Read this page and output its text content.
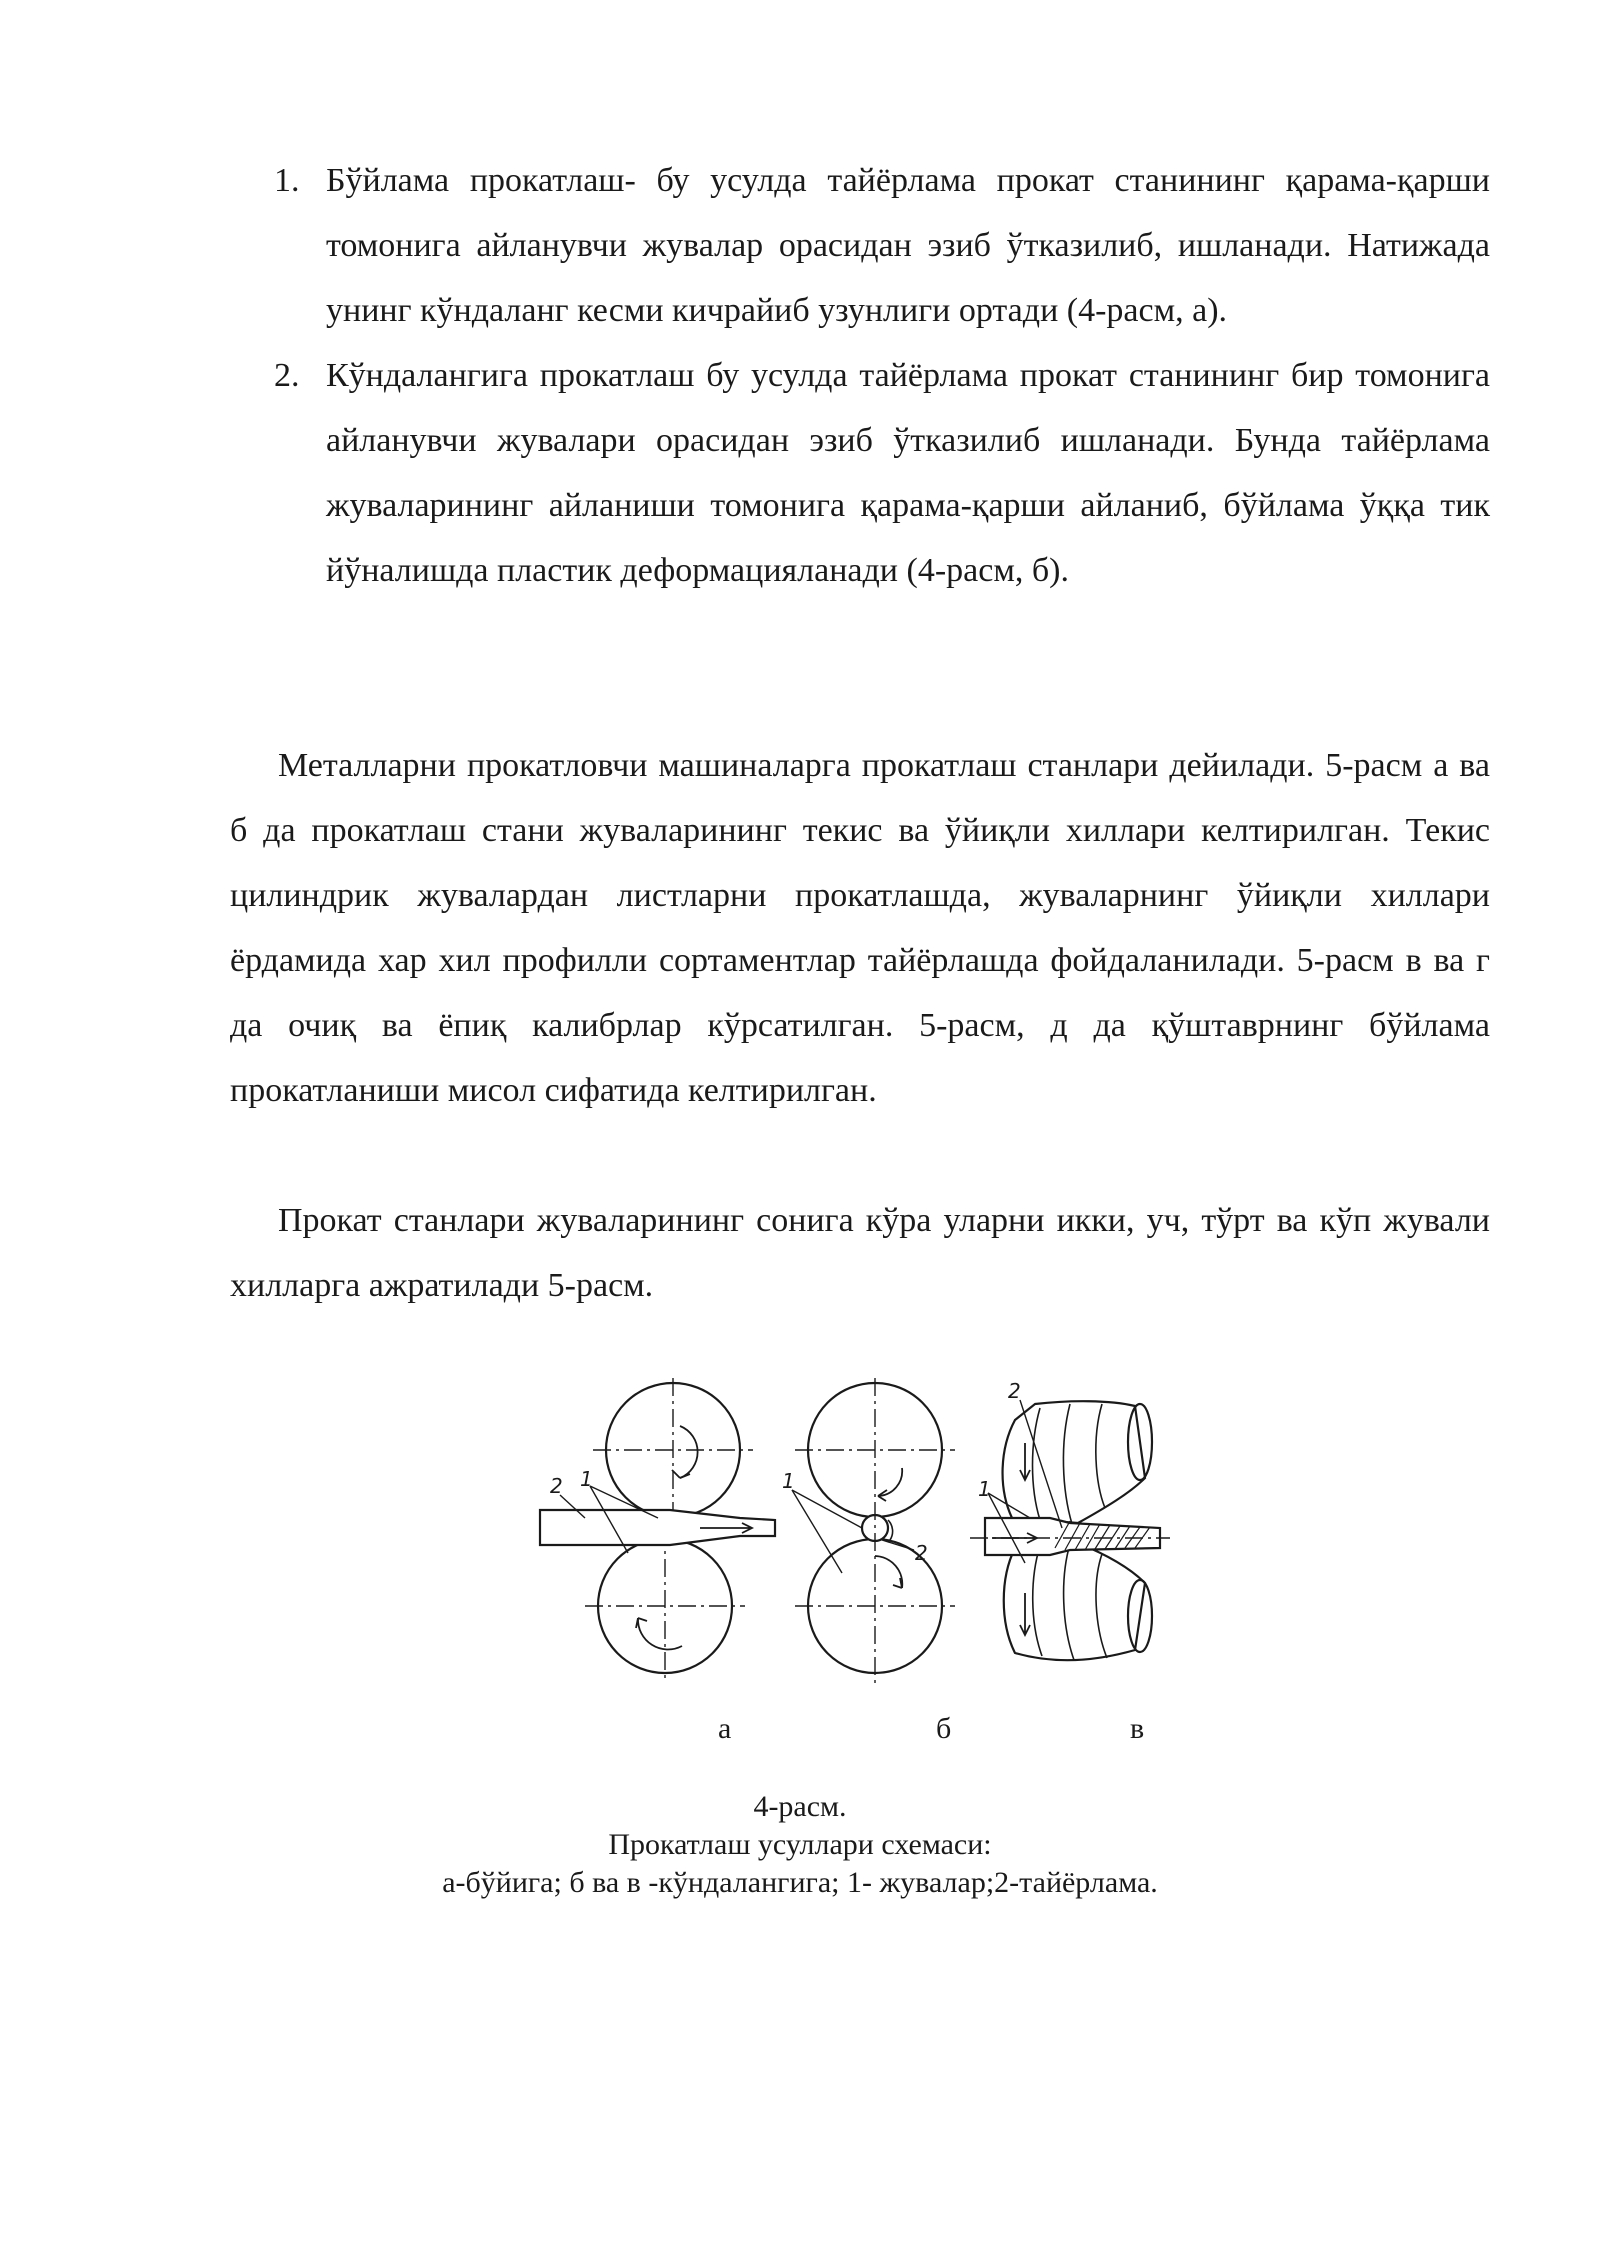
1. Бўйлама прокатлаш- бу усулда тайёрлама прокат станининг қарама-қарши томонига айланувчи жувалар орасидан эзиб ўтказилиб, ишланади. Натижада унинг кўндаланг кесми кичрайиб узунлиги ортади (4-расм, а).
2. Кўндалангига прокатлаш бу усулда тайёрлама прокат станининг бир томонига айланувчи жувалари орасидан эзиб ўтказилиб ишланади. Бунда тайёрлама жуваларининг айланиши томонига қарама-қарши айланиб, бўйлама ўққа тик йўналишда пластик деформацияланади (4-расм, б).

Металларни прокатловчи машиналарга прокатлаш станлари дейилади. 5-расм а ва б да прокатлаш стани жуваларининг текис ва ўйиқли хиллари келтирилган. Текис цилиндрик жувалардан листларни прокатлашда, жуваларнинг ўйиқли хиллари ёрдамида хар хил профилли сортаментлар тайёрлашда фойдаланилади. 5-расм в ва г да очиқ ва ёпиқ калибрлар кўрсатилган. 5-расм, д да қўштаврнинг бўйлама прокатланиши мисол сифатида келтирилган.

Прокат станлари жуваларининг сонига кўра уларни икки, уч, тўрт ва кўп жували хилларга ажратилади 5-расм.

2 1	1
2
2
1
а	б	в
4-расм.
Прокатлаш усуллари схемаси:
а-бўйига; б ва в -кўндалангига; 1- жувалар;2-тайёрлама.
